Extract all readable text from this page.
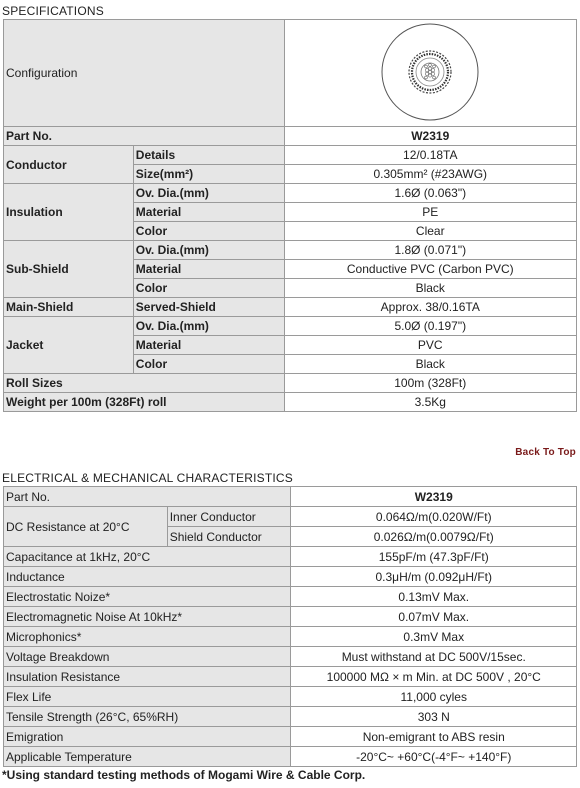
SPECIFICATIONS
Configuration	
Part No.		W2319
Conductor	Details	12/0.18TA
	Size(mm²)	0.305mm² (#23AWG)
Insulation	Ov. Dia.(mm)	1.6Ø (0.063")
	Material	PE
	Color	Clear
Sub-Shield	Ov. Dia.(mm)	1.8Ø (0.071")
	Material	Conductive PVC (Carbon PVC)
	Color	Black
Main-Shield	Served-Shield	Approx. 38/0.16TA
Jacket	Ov. Dia.(mm)	5.0Ø (0.197")
	Material	PVC
	Color	Black
Roll Sizes		100m (328Ft)
Weight per 100m (328Ft) roll		3.5Kg
Back To Top
ELECTRICAL & MECHANICAL CHARACTERISTICS
Part No.		W2319
DC Resistance at 20°C	Inner Conductor	0.064Ω/m(0.020W/Ft)
	Shield Conductor	0.026Ω/m(0.0079Ω/Ft)
Capacitance at 1kHz, 20°C		155pF/m (47.3pF/Ft)
Inductance		0.3μH/m (0.092μH/Ft)
Electrostatic Noize*		0.13mV Max.
Electromagnetic Noise At 10kHz*		0.07mV Max.
Microphonics*		0.3mV Max
Voltage Breakdown		Must withstand at DC 500V/15sec.
Insulation Resistance		100000 MΩ × m Min. at DC 500V , 20°C
Flex Life		11,000 cyles
Tensile Strength (26°C, 65%RH)		303 N
Emigration		Non-emigrant to ABS resin
Applicable Temperature		-20°C~ +60°C(-4°F~ +140°F)
*Using standard testing methods of Mogami Wire & Cable Corp.
